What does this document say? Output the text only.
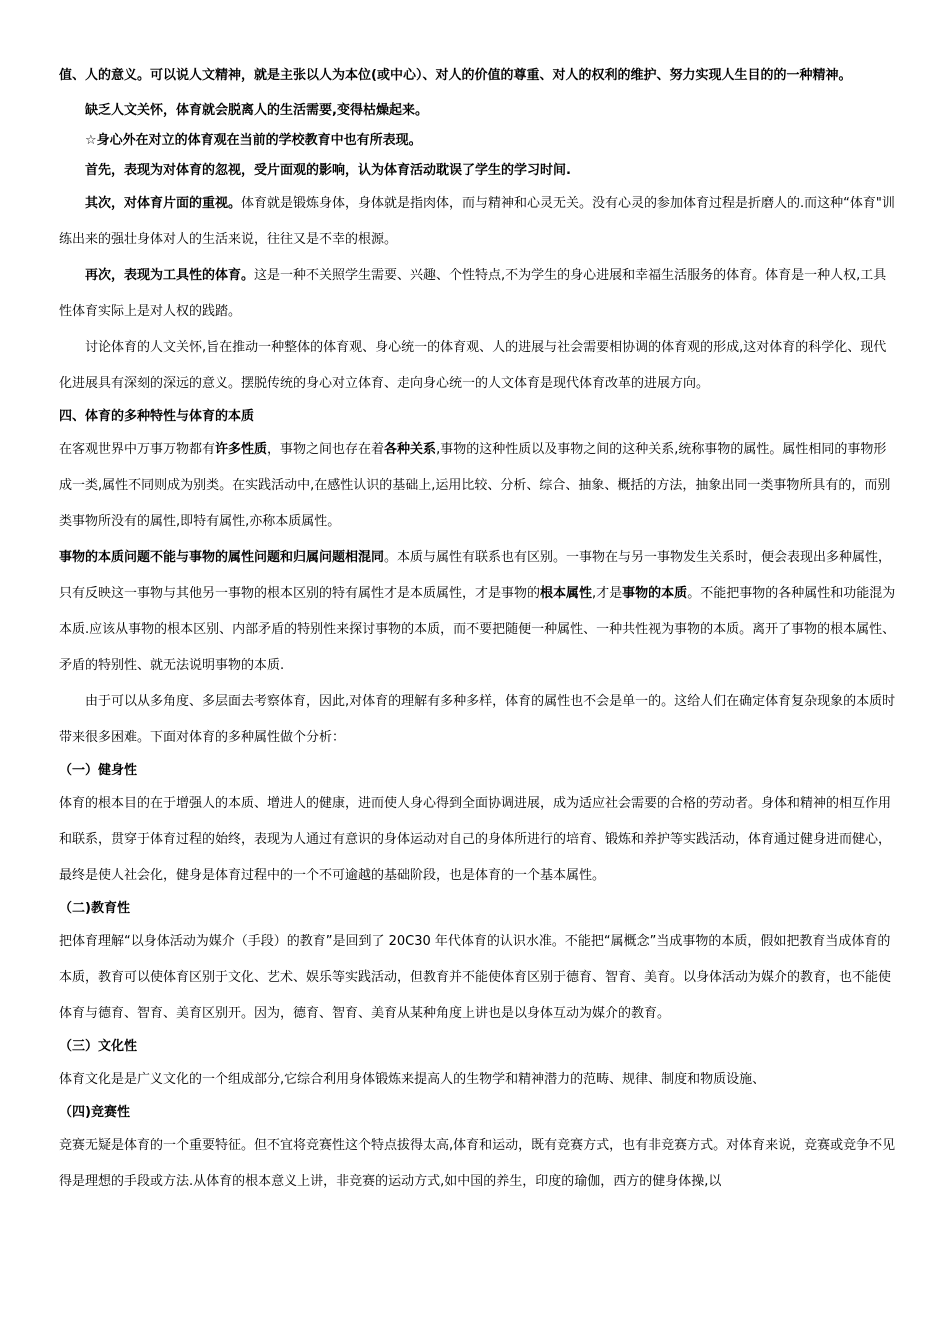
值、人的意义。可以说人文精神，就是主张以人为本位(或中心）、对人的价值的尊重、对人的权利的维护、努力实现人生目的的一种精神。

缺乏人文关怀，体育就会脱离人的生活需要,变得枯燥起来。

☆身心外在对立的体育观在当前的学校教育中也有所表现。

首先，表现为对体育的忽视，受片面观的影响，认为体育活动耽误了学生的学习时间.

其次，对体育片面的重视。体育就是锻炼身体，身体就是指肉体，而与精神和心灵无关。没有心灵的参加体育过程是折磨人的.而这种“体育"训练出来的强壮身体对人的生活来说，往往又是不幸的根源。

再次，表现为工具性的体育。这是一种不关照学生需要、兴趣、个性特点,不为学生的身心进展和幸福生活服务的体育。体育是一种人权,工具性体育实际上是对人权的践踏。

讨论体育的人文关怀,旨在推动一种整体的体育观、身心统一的体育观、人的进展与社会需要相协调的体育观的形成,这对体育的科学化、现代化进展具有深刻的深远的意义。摆脱传统的身心对立体育、走向身心统一的人文体育是现代体育改革的进展方向。

四、体育的多种特性与体育的本质

在客观世界中万事万物都有许多性质，事物之间也存在着各种关系,事物的这种性质以及事物之间的这种关系,统称事物的属性。属性相同的事物形成一类,属性不同则成为别类。在实践活动中,在感性认识的基础上,运用比较、分析、综合、抽象、概括的方法，抽象出同一类事物所具有的，而别类事物所没有的属性,即特有属性,亦称本质属性。

事物的本质问题不能与事物的属性问题和归属问题相混同。本质与属性有联系也有区别。一事物在与另一事物发生关系时，便会表现出多种属性，只有反映这一事物与其他另一事物的根本区别的特有属性才是本质属性，才是事物的根本属性,才是事物的本质。不能把事物的各种属性和功能混为本质.应该从事物的根本区别、内部矛盾的特别性来探讨事物的本质，而不要把随便一种属性、一种共性视为事物的本质。离开了事物的根本属性、矛盾的特别性、就无法说明事物的本质.

由于可以从多角度、多层面去考察体育，因此,对体育的理解有多种多样，体育的属性也不会是单一的。这给人们在确定体育复杂现象的本质时带来很多困难。下面对体育的多种属性做个分析：

（一）健身性

体育的根本目的在于增强人的本质、增进人的健康，进而使人身心得到全面协调进展，成为适应社会需要的合格的劳动者。身体和精神的相互作用和联系，贯穿于体育过程的始终，表现为人通过有意识的身体运动对自己的身体所进行的培育、锻炼和养护等实践活动，体育通过健身进而健心，最终是使人社会化，健身是体育过程中的一个不可逾越的基础阶段，也是体育的一个基本属性。

（二)教育性

把体育理解“以身体活动为媒介（手段）的教育”是回到了 20C30 年代体育的认识水准。不能把“属概念”当成事物的本质，假如把教育当成体育的本质，教育可以使体育区别于文化、艺术、娱乐等实践活动，但教育并不能使体育区别于德育、智育、美育。以身体活动为媒介的教育，也不能使体育与德育、智育、美育区别开。因为，德育、智育、美育从某种角度上讲也是以身体互动为媒介的教育。

（三）文化性

体育文化是是广义文化的一个组成部分,它综合利用身体锻炼来提高人的生物学和精神潜力的范畴、规律、制度和物质设施、

（四)竞赛性

竞赛无疑是体育的一个重要特征。但不宜将竞赛性这个特点拔得太高,体育和运动，既有竞赛方式，也有非竞赛方式。对体育来说，竞赛或竞争不见得是理想的手段或方法.从体育的根本意义上讲，非竞赛的运动方式,如中国的养生，印度的瑜伽，西方的健身体操,以
